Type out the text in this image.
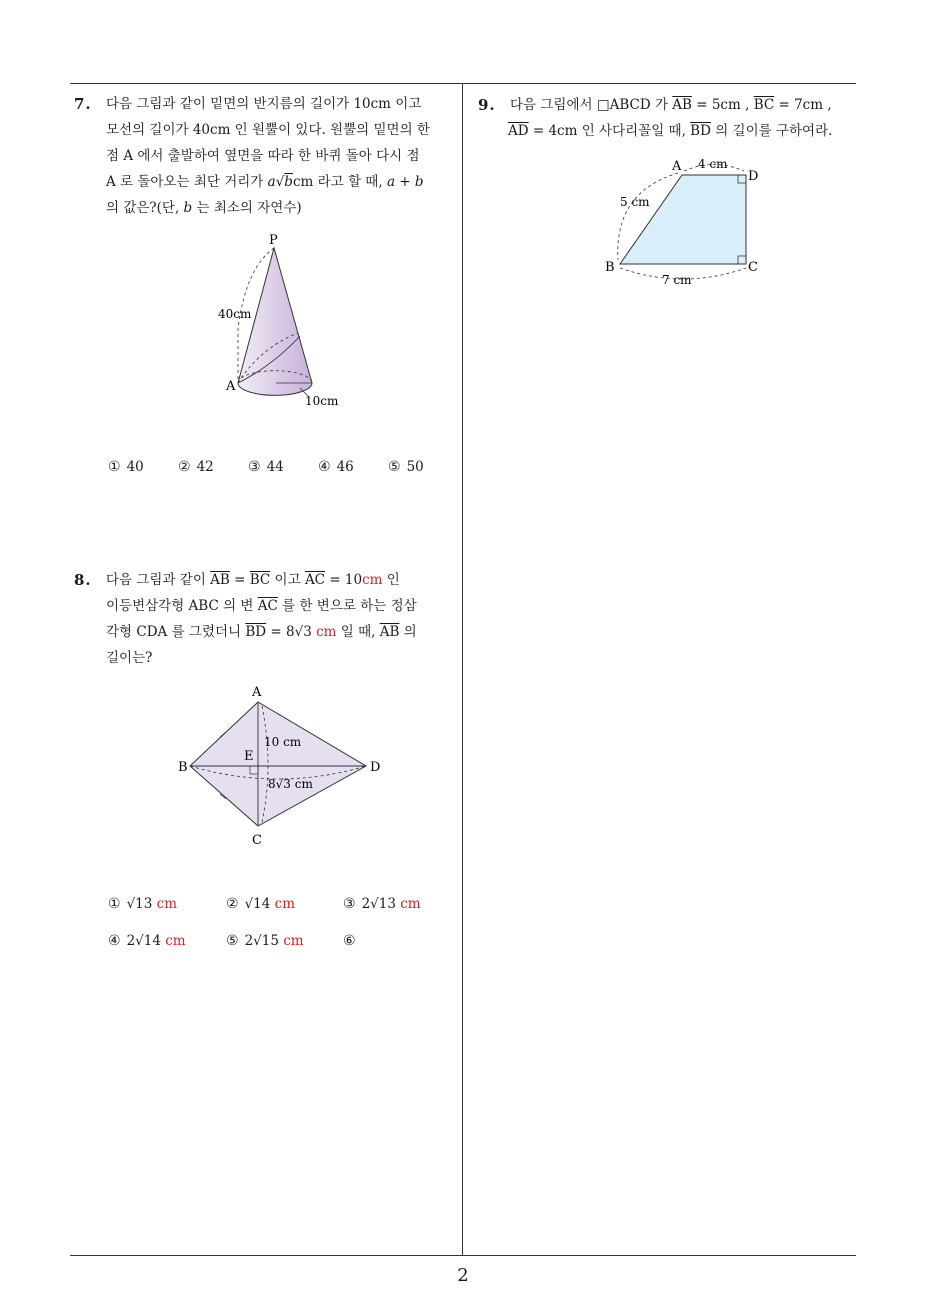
7. 다음 그림과 같이 밑면의 반지름의 길이가 10cm 이고
모선의 길이가 40cm 인 원뿔이 있다. 원뿔의 밑면의 한
점 A 에서 출발하여 옆면을 따라 한 바퀴 돌아 다시 점
A 로 돌아오는 최단 거리가 a√bcm 라고 할 때, a + b
의 값은?(단, b 는 최소의 자연수)
P
A
40cm
10cm
① 40 ② 42 ③ 44 ④ 46 ⑤ 50
8. 다음 그림과 같이 $\overline{AB} = \overline{BC}$ 이고 $\overline{AC} = 10cm$ 인
이등변삼각형 ABC 의 변 $\overline{AC}$ 를 한 변으로 하는 정삼
각형 CDA 를 그렸더니 $\overline{BD} = 8√3$ cm 일 때, $\overline{AB}$ 의
길이는?
A
B
C
D
E
10 cm
8√3 cm
① √13 cm	② √14 cm	③ 2√13 cm
④ 2√14 cm	⑤ 2√15 cm	⑥
9. 다음 그림에서 □ABCD 가 $\overline{AB} = 5cm$ , $\overline{BC} = 7cm$ ,
$\overline{AD} = 4cm$ 인 사다리꼴일 때, $\overline{BD}$ 의 길이를 구하여라.
A
D
B	C
4 cm
5 cm
7 cm
2
